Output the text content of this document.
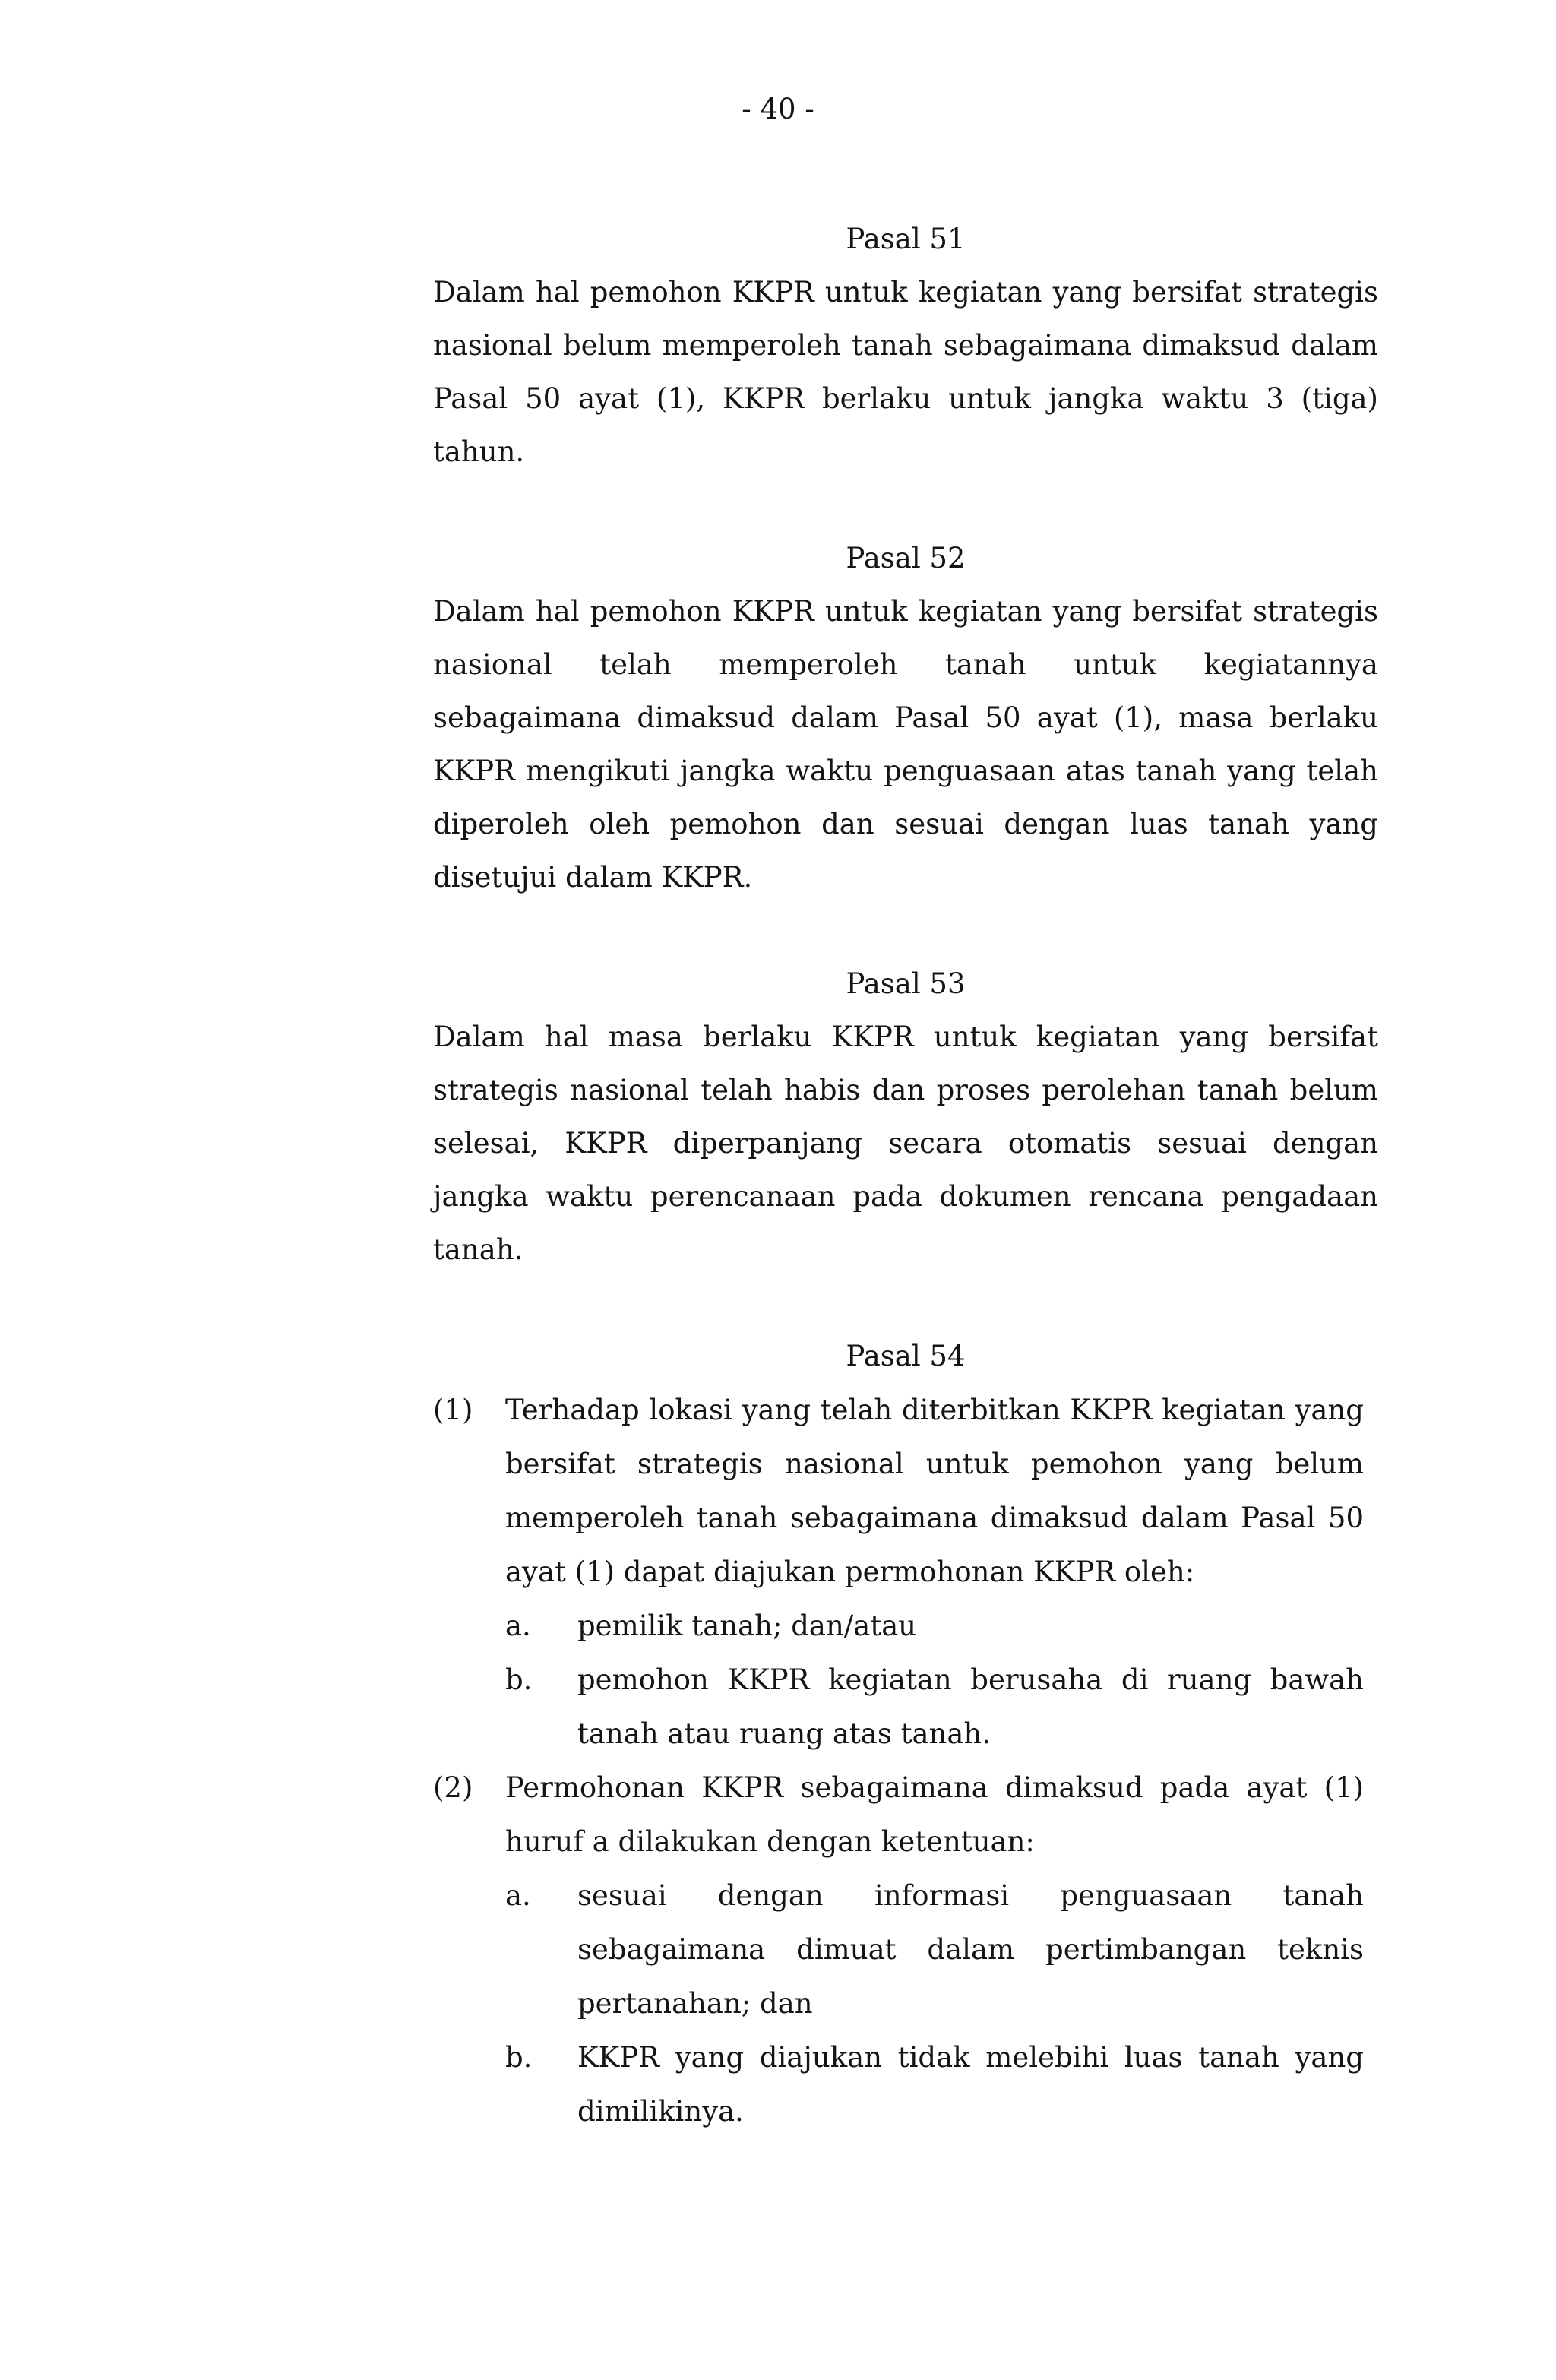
- 40 -
Pasal 51

Dalam hal pemohon KKPR untuk kegiatan yang bersifat strategis nasional belum memperoleh tanah sebagaimana dimaksud dalam Pasal 50 ayat (1), KKPR berlaku untuk jangka waktu 3 (tiga) tahun.

Pasal 52

Dalam hal pemohon KKPR untuk kegiatan yang bersifat strategis nasional telah memperoleh tanah untuk kegiatannya sebagaimana dimaksud dalam Pasal 50 ayat (1), masa berlaku KKPR mengikuti jangka waktu penguasaan atas tanah yang telah diperoleh oleh pemohon dan sesuai dengan luas tanah yang disetujui dalam KKPR.

Pasal 53

Dalam hal masa berlaku KKPR untuk kegiatan yang bersifat strategis nasional telah habis dan proses perolehan tanah belum selesai, KKPR diperpanjang secara otomatis sesuai dengan jangka waktu perencanaan pada dokumen rencana pengadaan tanah.

Pasal 54
(1) Terhadap lokasi yang telah diterbitkan KKPR kegiatan yang bersifat strategis nasional untuk pemohon yang belum memperoleh tanah sebagaimana dimaksud dalam Pasal 50 ayat (1) dapat diajukan permohonan KKPR oleh:
a. pemilik tanah; dan/atau
b. pemohon KKPR kegiatan berusaha di ruang bawah tanah atau ruang atas tanah.
(2) Permohonan KKPR sebagaimana dimaksud pada ayat (1) huruf a dilakukan dengan ketentuan:
a. sesuai dengan informasi penguasaan tanah sebagaimana dimuat dalam pertimbangan teknis pertanahan; dan
b. KKPR yang diajukan tidak melebihi luas tanah yang dimilikinya.
